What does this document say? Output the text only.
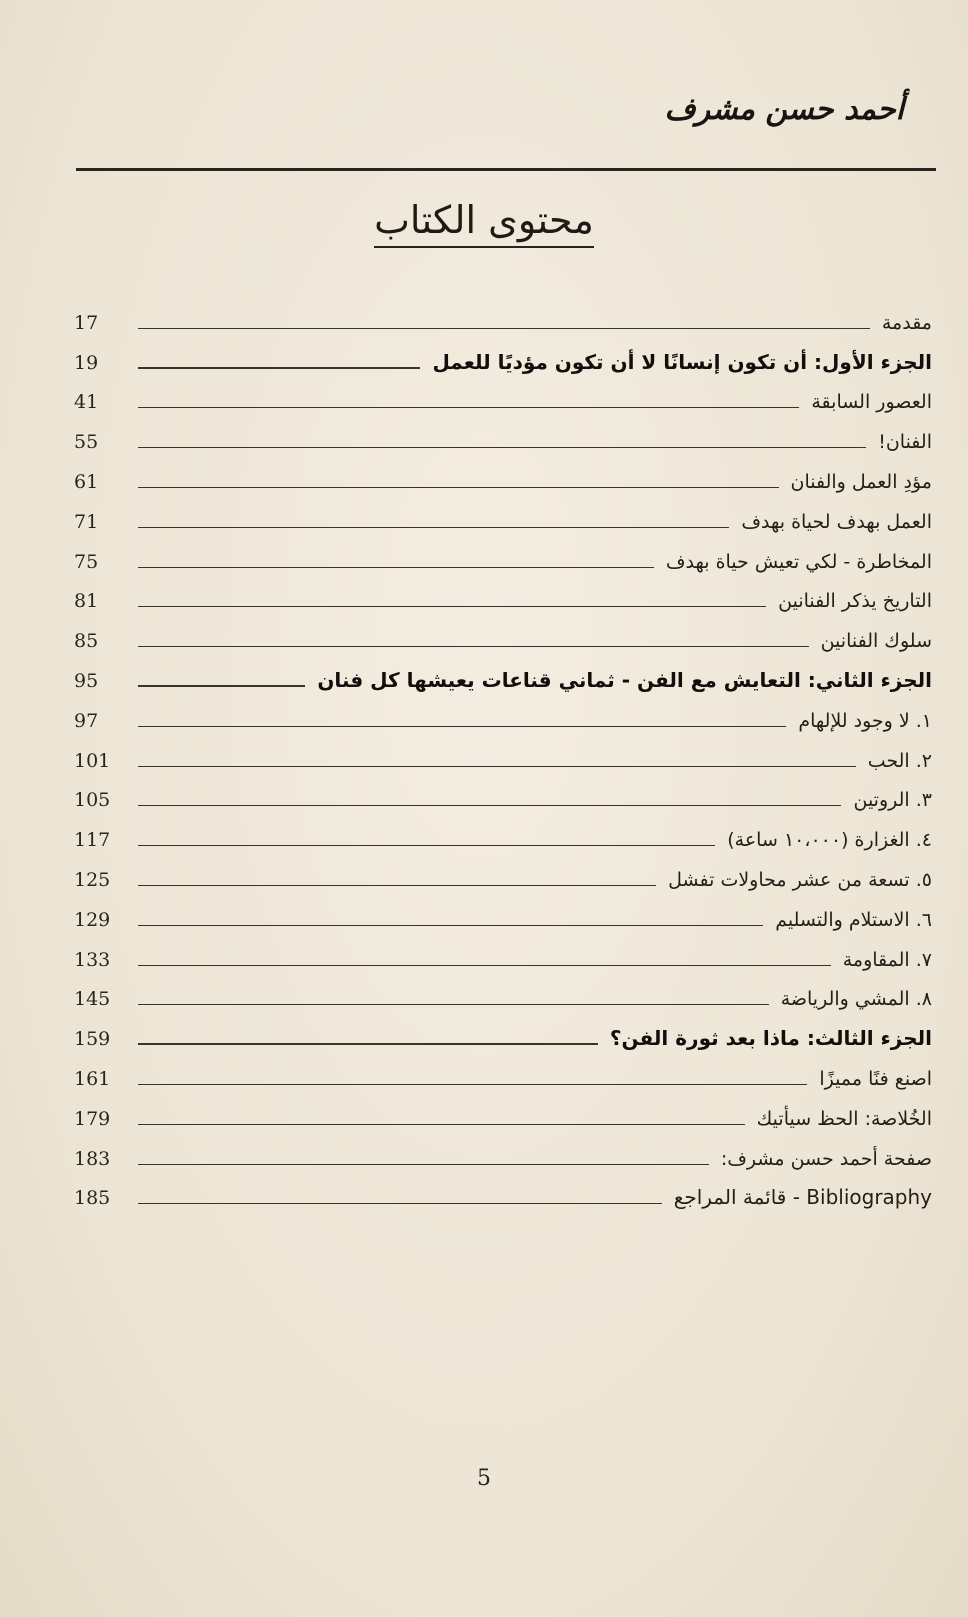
أحمد حسن مشرف
محتوى الكتاب
مقدمة
17
الجزء الأول: أن تكون إنسانًا لا أن تكون مؤديًا للعمل
19
العصور السابقة
41
الفنان!
55
مؤدِ العمل والفنان
61
العمل بهدف لحياة بهدف
71
المخاطرة - لكي تعيش حياة بهدف
75
التاريخ يذكر الفنانين
81
سلوك الفنانين
85
الجزء الثاني: التعايش مع الفن - ثماني قناعات يعيشها كل فنان
95
١. لا وجود للإلهام
97
٢. الحب
101
٣. الروتين
105
٤. الغزارة (١٠،٠٠٠ ساعة)
117
٥. تسعة من عشر محاولات تفشل
125
٦. الاستلام والتسليم
129
٧. المقاومة
133
٨. المشي والرياضة
145
الجزء الثالث: ماذا بعد ثورة الفن؟
159
اصنع فنًا مميزًا
161
الخُلاصة: الحظ سيأتيك
179
صفحة أحمد حسن مشرف:
183
Bibliography - قائمة المراجع
185
5
